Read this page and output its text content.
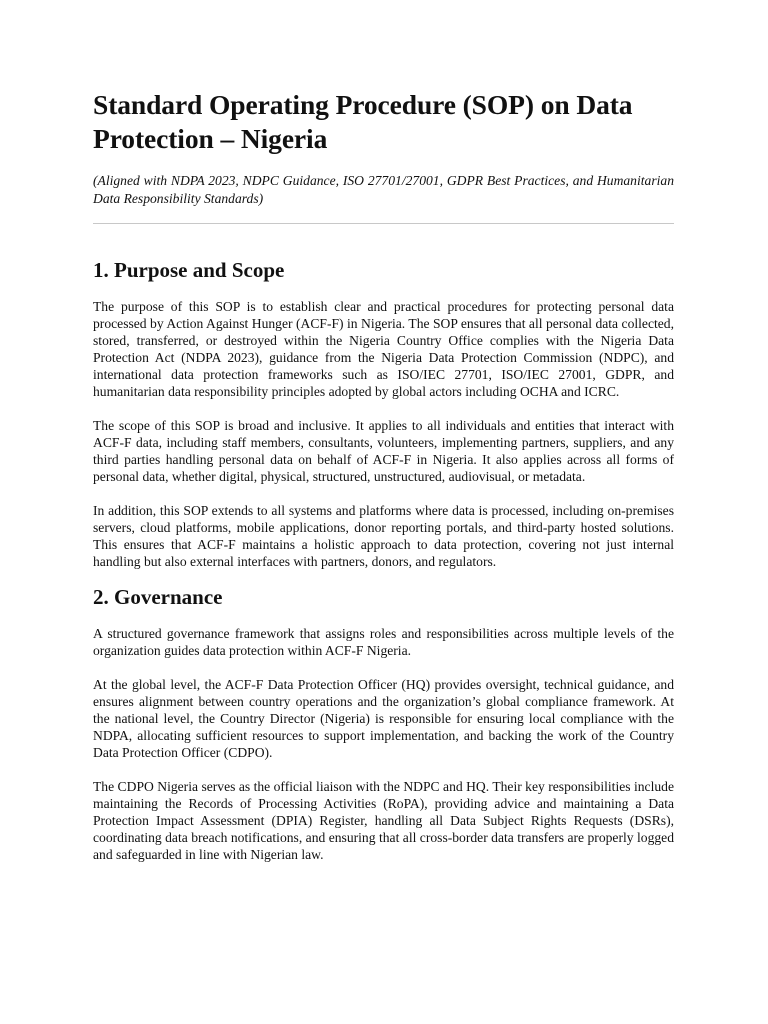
Standard Operating Procedure (SOP) on Data Protection – Nigeria

(Aligned with NDPA 2023, NDPC Guidance, ISO 27701/27001, GDPR Best Practices, and Humanitarian Data Responsibility Standards)

1. Purpose and Scope

The purpose of this SOP is to establish clear and practical procedures for protecting personal data processed by Action Against Hunger (ACF-F) in Nigeria. The SOP ensures that all personal data collected, stored, transferred, or destroyed within the Nigeria Country Office complies with the Nigeria Data Protection Act (NDPA 2023), guidance from the Nigeria Data Protection Commission (NDPC), and international data protection frameworks such as ISO/IEC 27701, ISO/IEC 27001, GDPR, and humanitarian data responsibility principles adopted by global actors including OCHA and ICRC.

The scope of this SOP is broad and inclusive. It applies to all individuals and entities that interact with ACF-F data, including staff members, consultants, volunteers, implementing partners, suppliers, and any third parties handling personal data on behalf of ACF-F in Nigeria. It also applies across all forms of personal data, whether digital, physical, structured, unstructured, audiovisual, or metadata.

In addition, this SOP extends to all systems and platforms where data is processed, including on-premises servers, cloud platforms, mobile applications, donor reporting portals, and third-party hosted solutions. This ensures that ACF-F maintains a holistic approach to data protection, covering not just internal handling but also external interfaces with partners, donors, and regulators.

2. Governance

A structured governance framework that assigns roles and responsibilities across multiple levels of the organization guides data protection within ACF-F Nigeria.

At the global level, the ACF-F Data Protection Officer (HQ) provides oversight, technical guidance, and ensures alignment between country operations and the organization’s global compliance framework. At the national level, the Country Director (Nigeria) is responsible for ensuring local compliance with the NDPA, allocating sufficient resources to support implementation, and backing the work of the Country Data Protection Officer (CDPO).

The CDPO Nigeria serves as the official liaison with the NDPC and HQ. Their key responsibilities include maintaining the Records of Processing Activities (RoPA), providing advice and maintaining a Data Protection Impact Assessment (DPIA) Register, handling all Data Subject Rights Requests (DSRs), coordinating data breach notifications, and ensuring that all cross-border data transfers are properly logged and safeguarded in line with Nigerian law.
